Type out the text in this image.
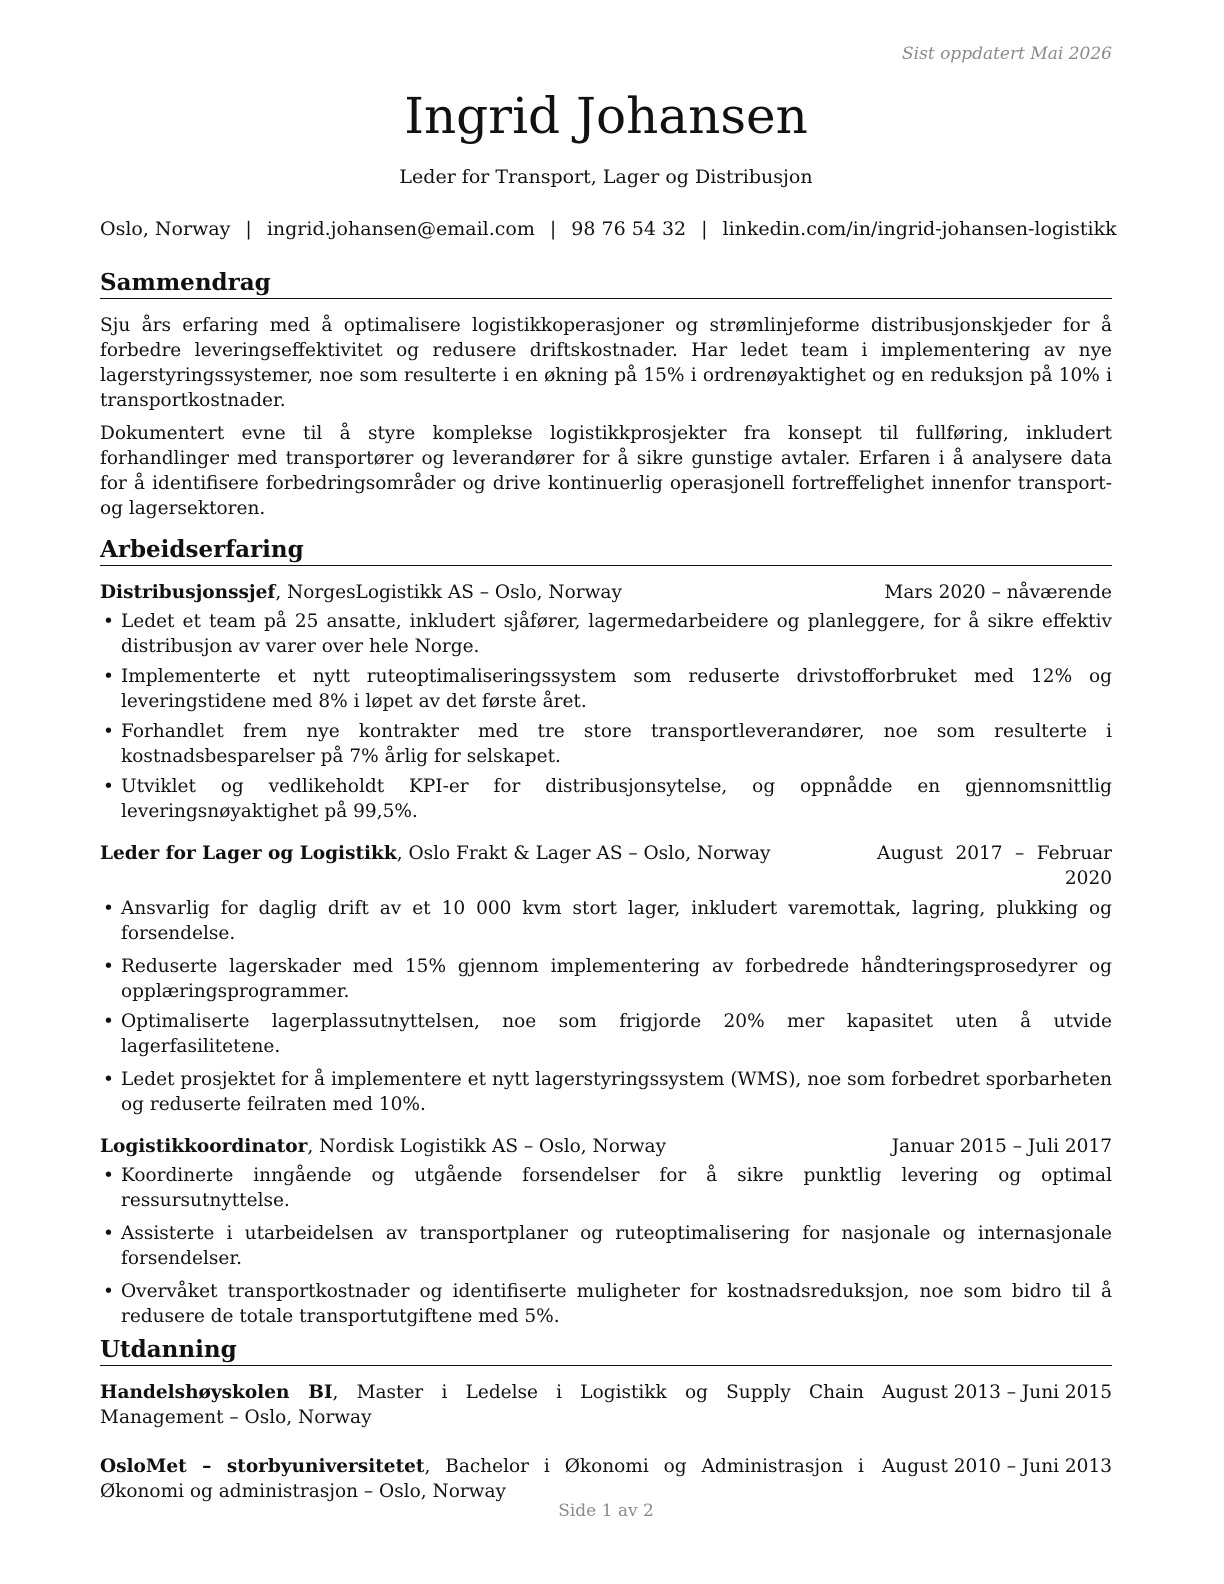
Sist oppdatert Mai 2026
Ingrid Johansen
Leder for Transport, Lager og Distribusjon
Oslo, Norway | ingrid.johansen@email.com | 98 76 54 32 | linkedin.com/in/ingrid-johansen-logistikk
Sammendrag

Sju års erfaring med å optimalisere logistikkoperasjoner og strømlinjeforme distribusjonskjeder for å forbedre leveringseffektivitet og redusere driftskostnader. Har ledet team i implementering av nye lagerstyringssystemer, noe som resulterte i en økning på 15% i ordrenøyaktighet og en reduksjon på 10% i transportkostnader.

Dokumentert evne til å styre komplekse logistikkprosjekter fra konsept til fullføring, inkludert forhandlinger med transportører og leverandører for å sikre gunstige avtaler. Erfaren i å analysere data for å identifisere forbedringsområder og drive kontinuerlig operasjonell fortreffelighet innenfor transport- og lagersektoren.

Arbeidserfaring
Distribusjonssjef, NorgesLogistikk AS – Oslo, Norway	Mars 2020 – nåværende
• Ledet et team på 25 ansatte, inkludert sjåfører, lagermedarbeidere og planleggere, for å sikre effektiv distribusjon av varer over hele Norge.
• Implementerte et nytt ruteoptimaliseringssystem som reduserte drivstofforbruket med 12% og leveringstidene med 8% i løpet av det første året.
• Forhandlet frem nye kontrakter med tre store transportleverandører, noe som resulterte i kostnadsbesparelser på 7% årlig for selskapet.
• Utviklet og vedlikeholdt KPI-er for distribusjonsytelse, og oppnådde en gjennomsnittlig leveringsnøyaktighet på 99,5%.
Leder for Lager og Logistikk, Oslo Frakt & Lager AS – Oslo, Norway	August 2017 – Februar 2020
• Ansvarlig for daglig drift av et 10 000 kvm stort lager, inkludert varemottak, lagring, plukking og forsendelse.
• Reduserte lagerskader med 15% gjennom implementering av forbedrede håndteringsprosedyrer og opplæringsprogrammer.
• Optimaliserte lagerplassutnyttelsen, noe som frigjorde 20% mer kapasitet uten å utvide lagerfasilitetene.
• Ledet prosjektet for å implementere et nytt lagerstyringssystem (WMS), noe som forbedret sporbarheten og reduserte feilraten med 10%.
Logistikkoordinator, Nordisk Logistikk AS – Oslo, Norway	Januar 2015 – Juli 2017
• Koordinerte inngående og utgående forsendelser for å sikre punktlig levering og optimal ressursutnyttelse.
• Assisterte i utarbeidelsen av transportplaner og ruteoptimalisering for nasjonale og internasjonale forsendelser.
• Overvåket transportkostnader og identifiserte muligheter for kostnadsreduksjon, noe som bidro til å redusere de totale transportutgiftene med 5%.
Utdanning
Handelshøyskolen BI, Master i Ledelse i Logistikk og Supply Chain Management – Oslo, Norway
August 2013 – Juni 2015
OsloMet – storbyuniversitetet, Bachelor i Økonomi og Administrasjon i Økonomi og administrasjon – Oslo, Norway
August 2010 – Juni 2013
Side 1 av 2
